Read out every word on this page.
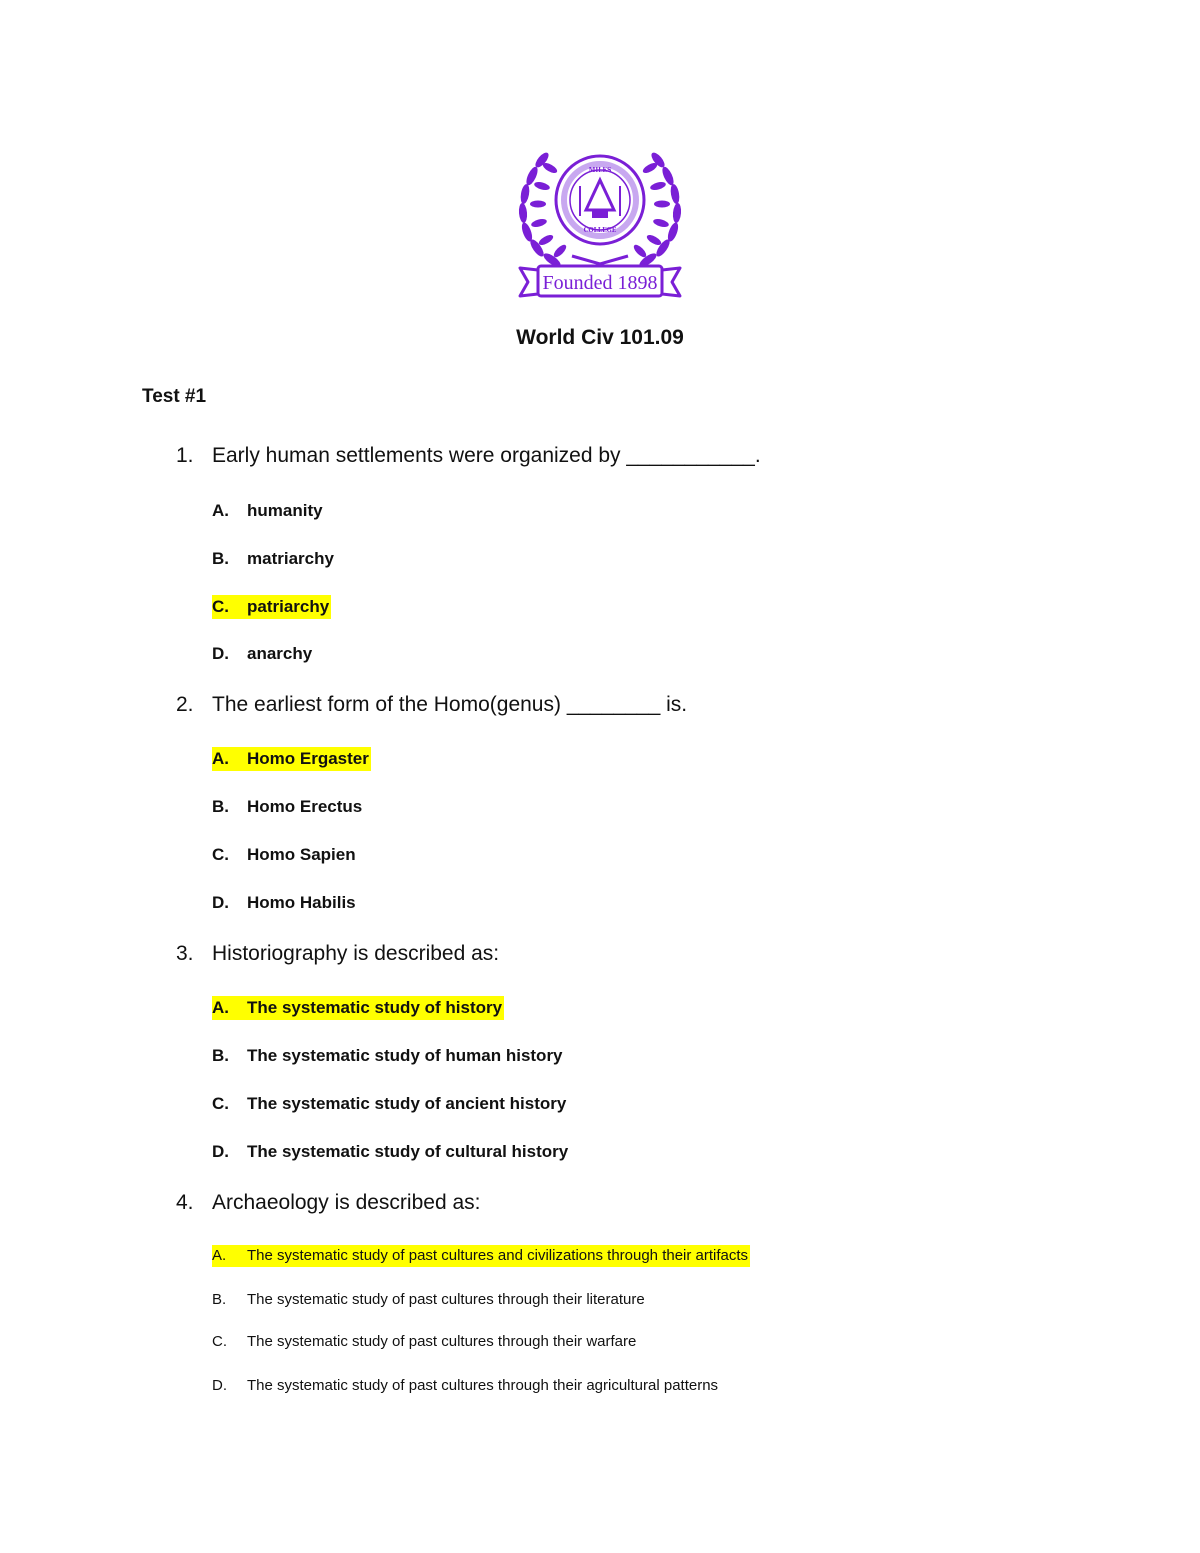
MILES
COLLEGE
Founded 1898
World Civ 101.09
Test #1
1. Early human settlements were organized by ___________.
A. humanity
B. matriarchy
C. patriarchy
D. anarchy
2. The earliest form of the Homo(genus) ________ is.
A. Homo Ergaster
B. Homo Erectus
C. Homo Sapien
D. Homo Habilis
3. Historiography is described as:
A. The systematic study of history
B. The systematic study of human history
C. The systematic study of ancient history
D. The systematic study of cultural history
4. Archaeology is described as:
A. The systematic study of past cultures and civilizations through their artifacts
B. The systematic study of past cultures through their literature
C. The systematic study of past cultures through their warfare
D. The systematic study of past cultures through their agricultural patterns
